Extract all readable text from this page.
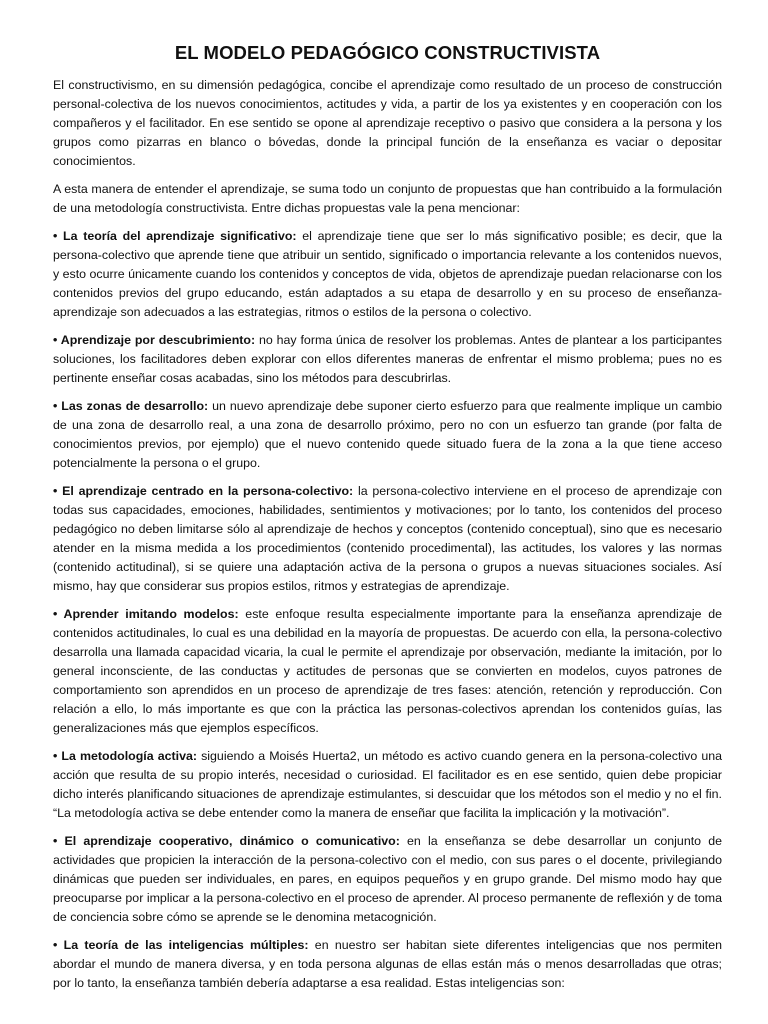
EL MODELO PEDAGÓGICO CONSTRUCTIVISTA

El constructivismo, en su dimensión pedagógica, concibe el aprendizaje como resultado de un proceso de construcción personal-colectiva de los nuevos conocimientos, actitudes y vida, a partir de los ya existentes y en cooperación con los compañeros y el facilitador. En ese sentido se opone al aprendizaje receptivo o pasivo que considera a la persona y los grupos como pizarras en blanco o bóvedas, donde la principal función de la enseñanza es vaciar o depositar conocimientos.

A esta manera de entender el aprendizaje, se suma todo un conjunto de propuestas que han contribuido a la formulación de una metodología constructivista. Entre dichas propuestas vale la pena mencionar:

• La teoría del aprendizaje significativo: el aprendizaje tiene que ser lo más significativo posible; es decir, que la persona-colectivo que aprende tiene que atribuir un sentido, significado o importancia relevante a los contenidos nuevos, y esto ocurre únicamente cuando los contenidos y conceptos de vida, objetos de aprendizaje puedan relacionarse con los contenidos previos del grupo educando, están adaptados a su etapa de desarrollo y en su proceso de enseñanza-aprendizaje son adecuados a las estrategias, ritmos o estilos de la persona o colectivo.

• Aprendizaje por descubrimiento: no hay forma única de resolver los problemas. Antes de plantear a los participantes soluciones, los facilitadores deben explorar con ellos diferentes maneras de enfrentar el mismo problema; pues no es pertinente enseñar cosas acabadas, sino los métodos para descubrirlas.

• Las zonas de desarrollo: un nuevo aprendizaje debe suponer cierto esfuerzo para que realmente implique un cambio de una zona de desarrollo real, a una zona de desarrollo próximo, pero no con un esfuerzo tan grande (por falta de conocimientos previos, por ejemplo) que el nuevo contenido quede situado fuera de la zona a la que tiene acceso potencialmente la persona o el grupo.

• El aprendizaje centrado en la persona-colectivo: la persona-colectivo interviene en el proceso de aprendizaje con todas sus capacidades, emociones, habilidades, sentimientos y motivaciones; por lo tanto, los contenidos del proceso pedagógico no deben limitarse sólo al aprendizaje de hechos y conceptos (contenido conceptual), sino que es necesario atender en la misma medida a los procedimientos (contenido procedimental), las actitudes, los valores y las normas (contenido actitudinal), si se quiere una adaptación activa de la persona o grupos a nuevas situaciones sociales. Así mismo, hay que considerar sus propios estilos, ritmos y estrategias de aprendizaje.

• Aprender imitando modelos: este enfoque resulta especialmente importante para la enseñanza aprendizaje de contenidos actitudinales, lo cual es una debilidad en la mayoría de propuestas. De acuerdo con ella, la persona-colectivo desarrolla una llamada capacidad vicaria, la cual le permite el aprendizaje por observación, mediante la imitación, por lo general inconsciente, de las conductas y actitudes de personas que se convierten en modelos, cuyos patrones de comportamiento son aprendidos en un proceso de aprendizaje de tres fases: atención, retención y reproducción. Con relación a ello, lo más importante es que con la práctica las personas-colectivos aprendan los contenidos guías, las generalizaciones más que ejemplos específicos.

• La metodología activa: siguiendo a Moisés Huerta2, un método es activo cuando genera en la persona-colectivo una acción que resulta de su propio interés, necesidad o curiosidad. El facilitador es en ese sentido, quien debe propiciar dicho interés planificando situaciones de aprendizaje estimulantes, si descuidar que los métodos son el medio y no el fin. “La metodología activa se debe entender como la manera de enseñar que facilita la implicación y la motivación”.

• El aprendizaje cooperativo, dinámico o comunicativo: en la enseñanza se debe desarrollar un conjunto de actividades que propicien la interacción de la persona-colectivo con el medio, con sus pares o el docente, privilegiando dinámicas que pueden ser individuales, en pares, en equipos pequeños y en grupo grande. Del mismo modo hay que preocuparse por implicar a la persona-colectivo en el proceso de aprender. Al proceso permanente de reflexión y de toma de conciencia sobre cómo se aprende se le denomina metacognición.

• La teoría de las inteligencias múltiples: en nuestro ser habitan siete diferentes inteligencias que nos permiten abordar el mundo de manera diversa, y en toda persona algunas de ellas están más o menos desarrolladas que otras; por lo tanto, la enseñanza también debería adaptarse a esa realidad. Estas inteligencias son:
